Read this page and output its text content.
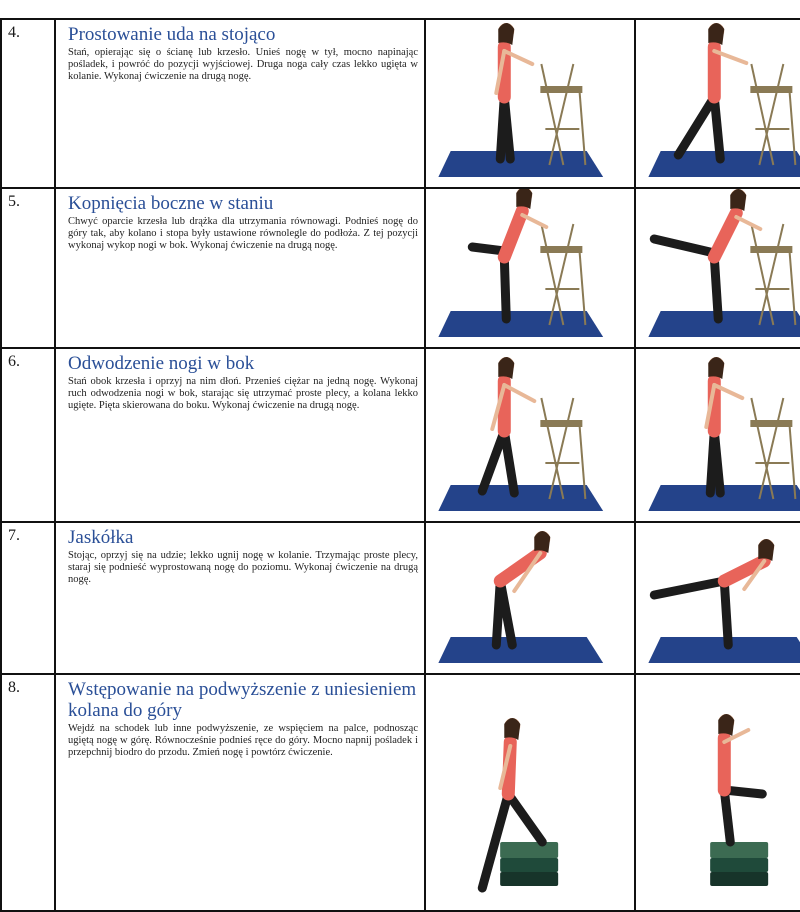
4.	Prostowanie uda na stojąco
Stań, opierając się o ścianę lub krzesło. Unieś nogę w tył, mocno napinając pośladek, i powróć do pozycji wyjściowej. Druga noga cały czas lekko ugięta w kolanie. Wykonaj ćwiczenie na drugą nogę.

5.	Kopnięcia boczne w staniu
Chwyć oparcie krzesła lub drążka dla utrzymania równowagi. Podnieś nogę do góry tak, aby kolano i stopa były ustawione równolegle do podłoża. Z tej pozycji wykonaj wykop nogi w bok. Wykonaj ćwiczenie na drugą nogę.

6.	Odwodzenie nogi w bok
Stań obok krzesła i oprzyj na nim dłoń. Przenieś ciężar na jedną nogę. Wykonaj ruch odwodzenia nogi w bok, starając się utrzymać proste plecy, a kolana lekko ugięte. Pięta skierowana do boku. Wykonaj ćwiczenie na drugą nogę.

7.	Jaskółka
Stojąc, oprzyj się na udzie; lekko ugnij nogę w kolanie. Trzymając proste plecy, staraj się podnieść wyprostowaną nogę do poziomu. Wykonaj ćwiczenie na drugą nogę.

8.	Wstępowanie na podwyższenie z uniesieniem kolana do góry
Wejdź na schodek lub inne podwyższenie, ze wspięciem na palce, podnosząc ugiętą nogę w górę. Równocześnie podnieś ręce do góry. Mocno napnij pośladek i przepchnij biodro do przodu. Zmień nogę i powtórz ćwiczenie.
